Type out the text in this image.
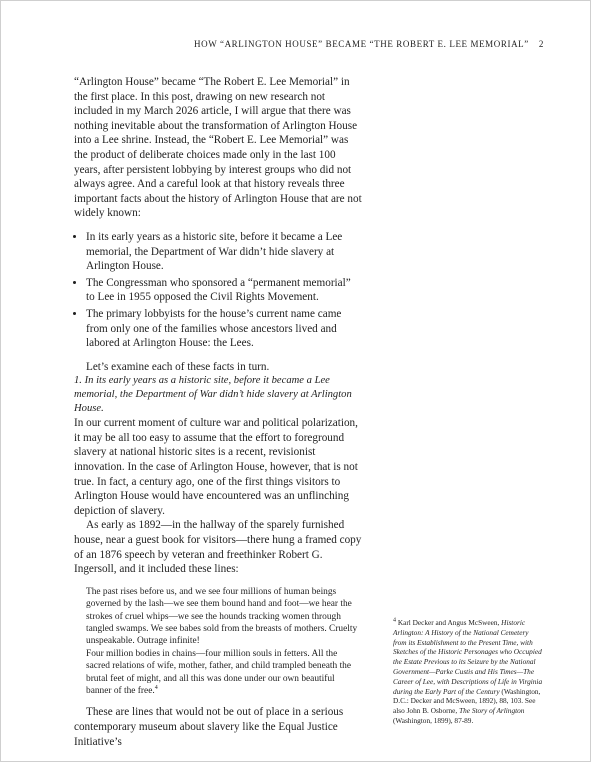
HOW “ARLINGTON HOUSE” BECAME “THE ROBERT E. LEE MEMORIAL” 2

“Arlington House” became “The Robert E. Lee Memorial” in the first place. In this post, drawing on new research not included in my March 2026 article, I will argue that there was nothing inevitable about the transformation of Arlington House into a Lee shrine. Instead, the “Robert E. Lee Memorial” was the product of deliberate choices made only in the last 100 years, after persistent lobbying by interest groups who did not always agree. And a careful look at that history reveals three important facts about the history of Arlington House that are not widely known:

• In its early years as a historic site, before it became a Lee memorial, the Department of War didn’t hide slavery at Arlington House.
• The Congressman who sponsored a “permanent memorial” to Lee in 1955 opposed the Civil Rights Movement.
• The primary lobbyists for the house’s current name came from only one of the families whose ancestors lived and labored at Arlington House: the Lees.

Let’s examine each of these facts in turn.

1. In its early years as a historic site, before it became a Lee memorial, the Department of War didn’t hide slavery at Arlington House.

In our current moment of culture war and political polarization, it may be all too easy to assume that the effort to foreground slavery at national historic sites is a recent, revisionist innovation. In the case of Arlington House, however, that is not true. In fact, a century ago, one of the first things visitors to Arlington House would have encountered was an unflinching depiction of slavery.

As early as 1892—in the hallway of the sparely furnished house, near a guest book for visitors—there hung a framed copy of an 1876 speech by veteran and freethinker Robert G. Ingersoll, and it included these lines:

The past rises before us, and we see four millions of human beings governed by the lash—we see them bound hand and foot—we hear the strokes of cruel whips—we see the hounds tracking women through tangled swamps. We see babes sold from the breasts of mothers. Cruelty unspeakable. Outrage infinite!

Four million bodies in chains—four million souls in fetters. All the sacred relations of wife, mother, father, and child trampled beneath the brutal feet of might, and all this was done under our own beautiful banner of the free.$^4$

These are lines that would not be out of place in a serious contemporary museum about slavery like the Equal Justice Initiative’s

$^4$ Karl Decker and Angus McSween, Historic Arlington: A History of the National Cemetery from its Establishment to the Present Time, with Sketches of the Historic Personages who Occupied the Estate Previous to its Seizure by the National Government—Parke Custis and His Times—The Career of Lee, with Descriptions of Life in Virginia during the Early Part of the Century (Washington, D.C.: Decker and McSween, 1892), 88, 103. See also John B. Osborne, The Story of Arlington (Washington, 1899), 87-89.
